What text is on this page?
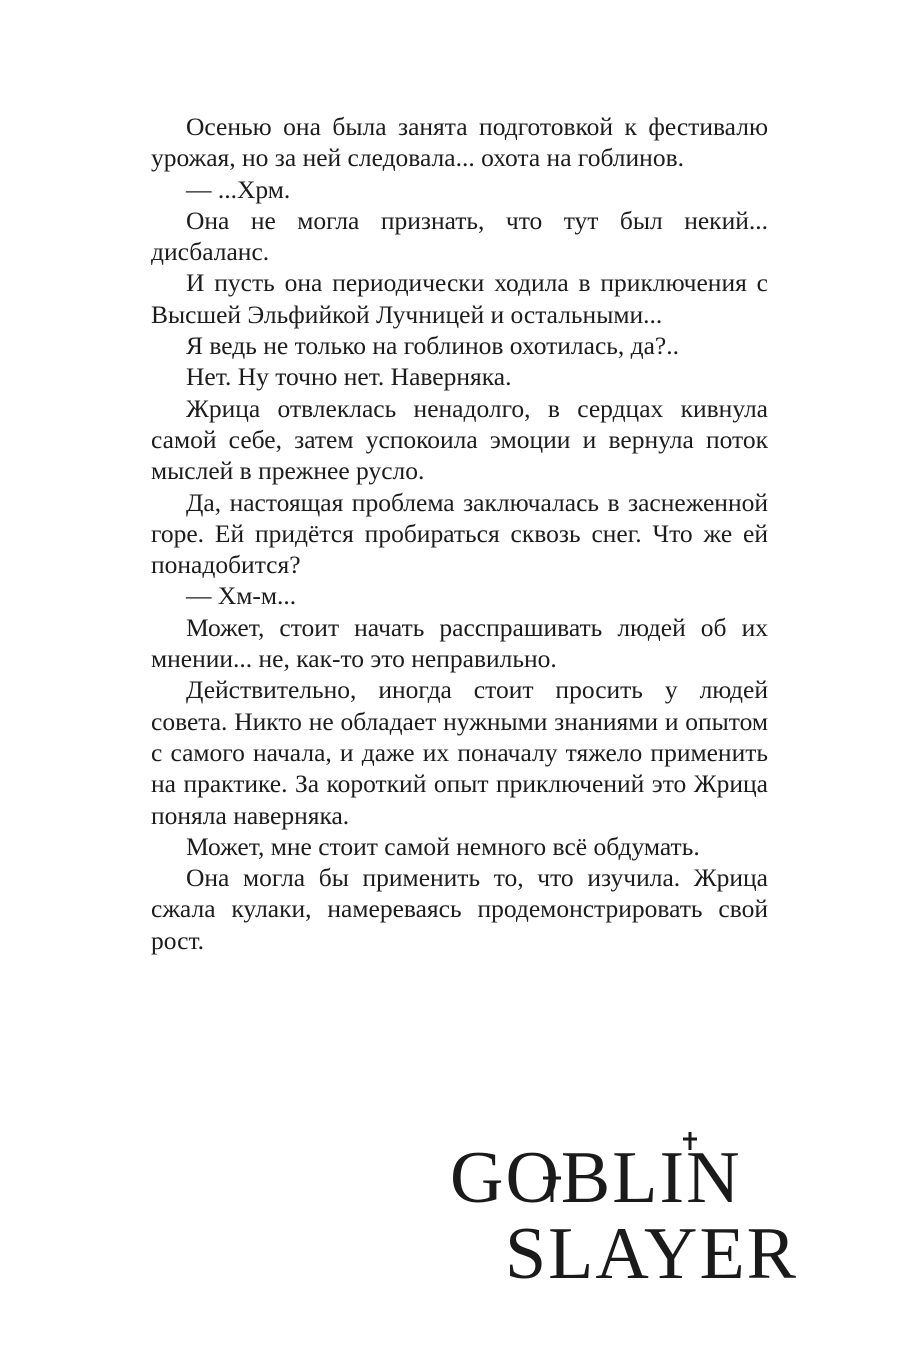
Осенью она была занята подготовкой к фестивалю урожая, но за ней следовала... охота на гоблинов.

— ...Хрм.

Она не могла признать, что тут был некий... дисбаланс.

И пусть она периодически ходила в приключения с Высшей Эльфийкой Лучницей и остальными...

Я ведь не только на гоблинов охотилась, да?..

Нет. Ну точно нет. Наверняка.

Жрица отвлеклась ненадолго, в сердцах кивнула самой себе, затем успокоила эмоции и вернула поток мыслей в прежнее русло.

Да, настоящая проблема заключалась в заснеженной горе. Ей придётся пробираться сквозь снег. Что же ей понадобится?

— Хм-м...

Может, стоит начать расспрашивать людей об их мнении... не, как-то это неправильно.

Действительно, иногда стоит просить у людей совета. Никто не обладает нужными знаниями и опытом с самого начала, и даже их поначалу тяжело применить на практике. За короткий опыт приключений это Жрица поняла наверняка.

Может, мне стоит самой немного всё обдумать.

Она могла бы применить то, что изучила. Жрица сжала кулаки, намереваясь продемонстрировать свой рост.

GOBLIN
SLAYER
